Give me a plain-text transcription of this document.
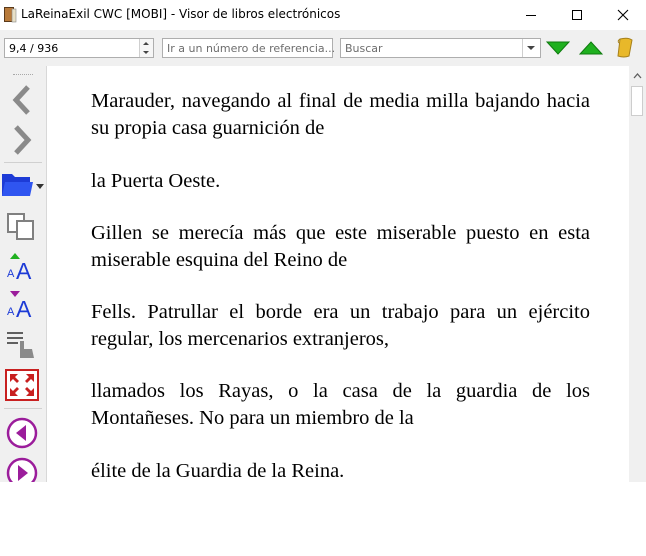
LaReinaExil CWC [MOBI] - Visor de libros electrónicos
9,4 / 936	Ir a un número de referencia... Buscar
A A
A A
Marauder, navegando al final de media milla bajando hacia su propia casa guarnición de
la Puerta Oeste.
Gillen se merecía más que este miserable puesto en esta miserable esquina del Reino de
Fells. Patrullar el borde era un trabajo para un ejército regular, los mercenarios extranjeros,
llamados los Rayas, o la casa de la guardia de los Montañeses. No para un miembro de la
élite de la Guardia de la Reina.
